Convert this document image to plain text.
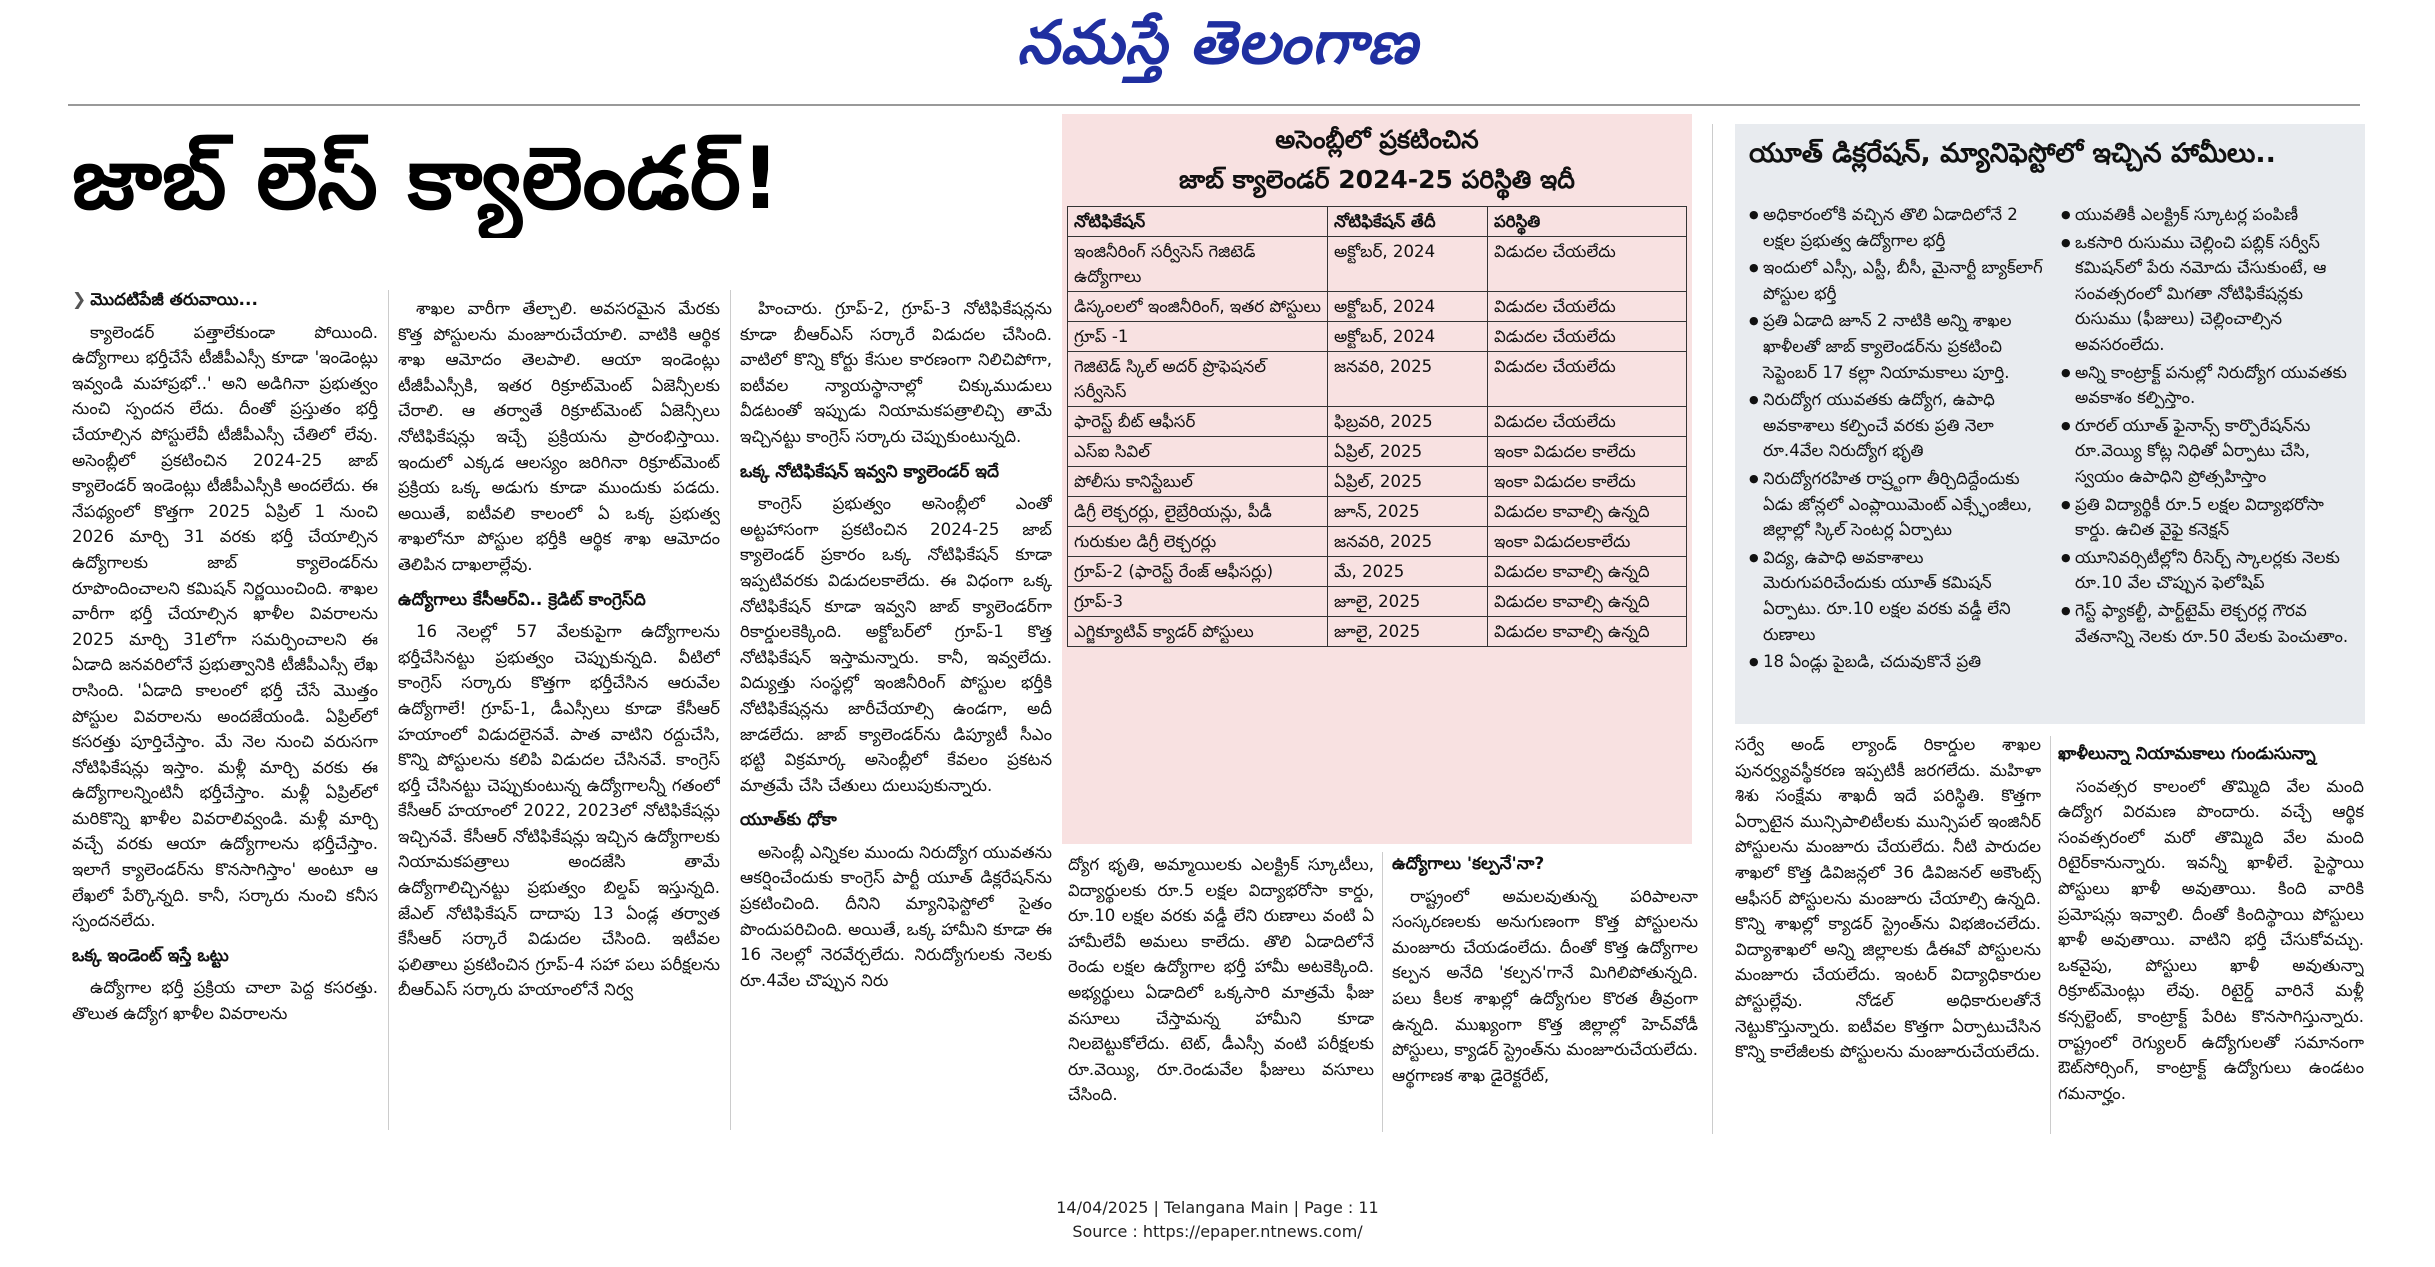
నమస్తే తెలంగాణ
జాబ్ లెస్ క్యాలెండర్!
❯ మొదటిపేజీ తరువాయి...

క్యాలెండర్ పత్తాలేకుండా పోయింది. ఉద్యోగాలు భర్తీచేసే టీజీపీఎస్సీ కూడా 'ఇండెంట్లు ఇవ్వండి మహాప్రభో..' అని అడిగినా ప్రభుత్వం నుంచి స్పందన లేదు. దీంతో ప్రస్తుతం భర్తీ చేయాల్సిన పోస్టులేవీ టీజీపీఎస్సీ చేతిలో లేవు. అసెంబ్లీలో ప్రకటించిన 2024-25 జాబ్ క్యాలెండర్ ఇండెంట్లు టీజీపీఎస్సీకి అందలేదు. ఈ నేపథ్యంలో కొత్తగా 2025 ఏప్రిల్ 1 నుంచి 2026 మార్చి 31 వరకు భర్తీ చేయాల్సిన ఉద్యోగాలకు జాబ్ క్యాలెండర్‌ను రూపొందించాలని కమిషన్ నిర్ణయించింది. శాఖల వారీగా భర్తీ చేయాల్సిన ఖాళీల వివరాలను 2025 మార్చి 31లోగా సమర్పించాలని ఈ ఏడాది జనవరిలోనే ప్రభుత్వానికి టీజీపీఎస్సీ లేఖ రాసింది. 'ఏడాది కాలంలో భర్తీ చేసే మొత్తం పోస్టుల వివరాలను అందజేయండి. ఏప్రిల్‌లో కసరత్తు పూర్తిచేస్తాం. మే నెల నుంచి వరుసగా నోటిఫికేషన్లు ఇస్తాం. మళ్లీ మార్చి వరకు ఈ ఉద్యోగాలన్నింటినీ భర్తీచేస్తాం. మళ్లీ ఏప్రిల్‌లో మరికొన్ని ఖాళీల వివరాలివ్వండి. మళ్లీ మార్చి వచ్చే వరకు ఆయా ఉద్యోగాలను భర్తీచేస్తాం. ఇలాగే క్యాలెండర్‌ను కొనసాగిస్తాం' అంటూ ఆ లేఖలో పేర్కొన్నది. కానీ, సర్కారు నుంచి కనీస స్పందనలేదు.

ఒక్క ఇండెంట్ ఇస్తే ఒట్టు

ఉద్యోగాల భర్తీ ప్రక్రియ చాలా పెద్ద కసరత్తు. తొలుత ఉద్యోగ ఖాళీల వివరాలను

శాఖల వారీగా తేల్చాలి. అవసరమైన మేరకు కొత్త పోస్టులను మంజూరుచేయాలి. వాటికి ఆర్థిక శాఖ ఆమోదం తెలపాలి. ఆయా ఇండెంట్లు టీజీపీఎస్సీకి, ఇతర రిక్రూట్‌మెంట్ ఏజెన్సీలకు చేరాలి. ఆ తర్వాతే రిక్రూట్‌మెంట్ ఏజెన్సీలు నోటిఫికేషన్లు ఇచ్చే ప్రక్రియను ప్రారంభిస్తాయి. ఇందులో ఎక్కడ ఆలస్యం జరిగినా రిక్రూట్‌మెంట్ ప్రక్రియ ఒక్క అడుగు కూడా ముందుకు పడదు. అయితే, ఐటీవలి కాలంలో ఏ ఒక్క ప్రభుత్వ శాఖలోనూ పోస్టుల భర్తీకి ఆర్థిక శాఖ ఆమోదం తెలిపిన దాఖలాల్లేవు.

ఉద్యోగాలు కేసీఆర్‌వి.. క్రెడిట్ కాంగ్రెస్‌ది

16 నెలల్లో 57 వేలకుపైగా ఉద్యోగాలను భర్తీచేసినట్టు ప్రభుత్వం చెప్పుకున్నది. వీటిలో కాంగ్రెస్ సర్కారు కొత్తగా భర్తీచేసిన ఆరువేల ఉద్యోగాలే! గ్రూప్-1, డీఎస్సీలు కూడా కేసీఆర్ హయాంలో విడుదలైనవే. పాత వాటిని రద్దుచేసి, కొన్ని పోస్టులను కలిపి విడుదల చేసినవే. కాంగ్రెస్ భర్తీ చేసినట్టు చెప్పుకుంటున్న ఉద్యోగాలన్నీ గతంలో కేసీఆర్ హయాంలో 2022, 2023లో నోటిఫికేషన్లు ఇచ్చినవే. కేసీఆర్ నోటిఫికేషన్లు ఇచ్చిన ఉద్యోగాలకు నియామకపత్రాలు అందజేసి తామే ఉద్యోగాలిచ్చినట్టు ప్రభుత్వం బిల్డప్ ఇస్తున్నది. జేఎల్ నోటిఫికేషన్ దాదాపు 13 ఏండ్ల తర్వాత కేసీఆర్ సర్కారే విడుదల చేసింది. ఇటీవల ఫలితాలు ప్రకటించిన గ్రూప్-4 సహా పలు పరీక్షలను బీఆర్‌ఎస్ సర్కారు హయాంలోనే నిర్వ

హించారు. గ్రూప్-2, గ్రూప్-3 నోటిఫికేషన్లను కూడా బీఆర్‌ఎస్ సర్కారే విడుదల చేసింది. వాటిలో కొన్ని కోర్టు కేసుల కారణంగా నిలిచిపోగా, ఐటీవల న్యాయస్థానాల్లో చిక్కుముడులు వీడటంతో ఇప్పుడు నియామకపత్రాలిచ్చి తామే ఇచ్చినట్టు కాంగ్రెస్ సర్కారు చెప్పుకుంటున్నది.

ఒక్క నోటిఫికేషన్ ఇవ్వని క్యాలెండర్ ఇదే

కాంగ్రెస్ ప్రభుత్వం అసెంబ్లీలో ఎంతో అట్టహాసంగా ప్రకటించిన 2024-25 జాబ్ క్యాలెండర్ ప్రకారం ఒక్క నోటిఫికేషన్ కూడా ఇప్పటివరకు విడుదలకాలేదు. ఈ విధంగా ఒక్క నోటిఫికేషన్ కూడా ఇవ్వని జాబ్ క్యాలెండర్‌గా రికార్డులకెక్కింది. అక్టోబర్‌లో గ్రూప్-1 కొత్త నోటిఫికేషన్ ఇస్తామన్నారు. కానీ, ఇవ్వలేదు. విద్యుత్తు సంస్థల్లో ఇంజినీరింగ్ పోస్టుల భర్తీకి నోటిఫికేషన్లను జారీచేయాల్సి ఉండగా, అదీ జాడలేదు. జాబ్ క్యాలెండర్‌ను డిప్యూటీ సీఎం భట్టి విక్రమార్క అసెంబ్లీలో కేవలం ప్రకటన మాత్రమే చేసి చేతులు దులుపుకున్నారు.

యూత్‌కు ధోకా

అసెంబ్లీ ఎన్నికల ముందు నిరుద్యోగ యువతను ఆకర్షించేందుకు కాంగ్రెస్ పార్టీ యూత్ డిక్లరేషన్‌ను ప్రకటించింది. దీనిని మ్యానిఫెస్టోలో సైతం పొందుపరిచింది. అయితే, ఒక్క హామీని కూడా ఈ 16 నెలల్లో నెరవేర్చలేదు. నిరుద్యోగులకు నెలకు రూ.4వేల చొప్పున నిరు

అసెంబ్లీలో ప్రకటించిన
జాబ్ క్యాలెండర్ 2024-25 పరిస్థితి ఇదీ
నోటిఫికేషన్	నోటిఫికేషన్ తేదీ	పరిస్థితి
ఇంజినీరింగ్ సర్వీసెస్ గెజిటెడ్ ఉద్యోగాలు	అక్టోబర్, 2024	విడుదల చేయలేదు
డిస్కంలలో ఇంజినీరింగ్, ఇతర పోస్టులు	అక్టోబర్, 2024	విడుదల చేయలేదు
గ్రూప్ -1	అక్టోబర్, 2024	విడుదల చేయలేదు
గెజిటెడ్ స్కిల్ అదర్ ప్రొఫెషనల్ సర్వీసెస్	జనవరి, 2025	విడుదల చేయలేదు
ఫారెస్ట్ బీట్ ఆఫీసర్	ఫిబ్రవరి, 2025	విడుదల చేయలేదు
ఎస్ఐ సివిల్	ఏప్రిల్, 2025	ఇంకా విడుదల కాలేదు
పోలీసు కానిస్టేబుల్	ఏప్రిల్, 2025	ఇంకా విడుదల కాలేదు
డిగ్రీ లెక్చరర్లు, లైబ్రేరియన్లు, పీడీ	జూన్, 2025	విడుదల కావాల్సి ఉన్నది
గురుకుల డిగ్రీ లెక్చరర్లు	జనవరి, 2025	ఇంకా విడుదలకాలేదు
గ్రూప్-2 (ఫారెస్ట్ రేంజ్ ఆఫీసర్లు)	మే, 2025	విడుదల కావాల్సి ఉన్నది
గ్రూప్-3	జూలై, 2025	విడుదల కావాల్సి ఉన్నది
ఎగ్జిక్యూటివ్ క్యాడర్ పోస్టులు	జూలై, 2025	విడుదల కావాల్సి ఉన్నది

ద్యోగ భృతి, అమ్మాయిలకు ఎలక్ట్రిక్ స్కూటీలు, విద్యార్థులకు రూ.5 లక్షల విద్యాభరోసా కార్డు, రూ.10 లక్షల వరకు వడ్డీ లేని రుణాలు వంటి ఏ హామీలేవీ అమలు కాలేదు. తొలి ఏడాదిలోనే రెండు లక్షల ఉద్యోగాల భర్తీ హామీ అటకెక్కింది. అభ్యర్థులు ఏడాదిలో ఒక్కసారి మాత్రమే ఫీజు వసూలు చేస్తామన్న హామీని కూడా నిలబెట్టుకోలేదు. టెట్, డీఎస్సీ వంటి పరీక్షలకు రూ.వెయ్యి, రూ.రెండువేల ఫీజులు వసూలు చేసింది.

ఉద్యోగాలు 'కల్పనే'నా?

రాష్ట్రంలో అమలవుతున్న పరిపాలనా సంస్కరణలకు అనుగుణంగా కొత్త పోస్టులను మంజూరు చేయడంలేదు. దీంతో కొత్త ఉద్యోగాల కల్పన అనేది 'కల్పన'గానే మిగిలిపోతున్నది. పలు కీలక శాఖల్లో ఉద్యోగుల కొరత తీవ్రంగా ఉన్నది. ముఖ్యంగా కొత్త జిల్లాల్లో హెచ్‌వోడీ పోస్టులు, క్యాడర్ స్ట్రెంత్‌ను మంజూరుచేయలేదు. ఆర్థగాణక శాఖ డైరెక్టరేట్,

యూత్ డిక్లరేషన్, మ్యానిఫెస్టోలో ఇచ్చిన హామీలు..
● అధికారంలోకి వచ్చిన తొలి ఏడాదిలోనే 2 లక్షల ప్రభుత్వ ఉద్యోగాల భర్తీ
● ఇందులో ఎస్సీ, ఎస్టీ, బీసీ, మైనార్టీ బ్యాక్‌లాగ్ పోస్టుల భర్తీ
● ప్రతి ఏడాది జూన్ 2 నాటికి అన్ని శాఖల ఖాళీలతో జాబ్ క్యాలెండర్‌ను ప్రకటించి సెప్టెంబర్ 17 కల్లా నియామకాలు పూర్తి.
● నిరుద్యోగ యువతకు ఉద్యోగ, ఉపాధి అవకాశాలు కల్పించే వరకు ప్రతి నెలా రూ.4వేల నిరుద్యోగ భృతి
● నిరుద్యోగరహిత రాష్ర్టంగా తీర్చిదిద్దేందుకు ఏడు జోన్లలో ఎంప్లాయిమెంట్ ఎక్స్ఛేంజీలు, జిల్లాల్లో స్కిల్ సెంటర్ల ఏర్పాటు
● విద్య, ఉపాధి అవకాశాలు మెరుగుపరిచేందుకు యూత్ కమిషన్ ఏర్పాటు. రూ.10 లక్షల వరకు వడ్డీ లేని రుణాలు
● 18 ఏండ్లు పైబడి, చదువుకొనే ప్రతి
● యువతికీ ఎలక్ట్రిక్ స్కూటర్ల పంపిణీ
● ఒకసారి రుసుము చెల్లించి పబ్లిక్ సర్వీస్ కమిషన్‌లో పేరు నమోదు చేసుకుంటే, ఆ సంవత్సరంలో మిగతా నోటిఫికేషన్లకు రుసుము (ఫీజులు) చెల్లించాల్సిన అవసరంలేదు.
● అన్ని కాంట్రాక్ట్ పనుల్లో నిరుద్యోగ యువతకు అవకాశం కల్పిస్తాం.
● రూరల్ యూత్ ఫైనాన్స్ కార్పొరేషన్‌ను రూ.వెయ్యి కోట్ల నిధితో ఏర్పాటు చేసి, స్వయం ఉపాధిని ప్రోత్సహిస్తాం
● ప్రతి విద్యార్థికీ రూ.5 లక్షల విద్యాభరోసా కార్డు. ఉచిత వైఫై కనెక్షన్
● యూనివర్సిటీల్లోని రీసెర్చ్ స్కాలర్లకు నెలకు రూ.10 వేల చొప్పున ఫెలోషిప్
● గెస్ట్ ఫ్యాకల్టీ, పార్ట్‌టైమ్ లెక్చరర్ల గౌరవ వేతనాన్ని నెలకు రూ.50 వేలకు పెంచుతాం.

సర్వే అండ్ ల్యాండ్ రికార్డుల శాఖల పునర్వ్యవస్థీకరణ ఇప్పటికీ జరగలేదు. మహిళా శిశు సంక్షేమ శాఖదీ ఇదే పరిస్థితి. కొత్తగా ఏర్పాటైన మున్సిపాలిటీలకు మున్సిపల్ ఇంజినీర్ పోస్టులను మంజూరు చేయలేదు. నీటి పారుదల శాఖలో కొత్త డివిజన్లలో 36 డివిజనల్ అకౌంట్స్ ఆఫీసర్ పోస్టులను మంజూరు చేయాల్సి ఉన్నది. కొన్ని శాఖల్లో క్యాడర్ స్ట్రెంత్‌ను విభజించలేదు. విద్యాశాఖలో అన్ని జిల్లాలకు డీఈవో పోస్టులను మంజూరు చేయలేదు. ఇంటర్ విద్యాధికారుల పోస్టుల్లేవు. నోడల్ అధికారులతోనే నెట్టుకొస్తున్నారు. ఐటీవల కొత్తగా ఏర్పాటుచేసిన కొన్ని కాలేజీలకు పోస్టులను మంజూరుచేయలేదు.

ఖాళీలున్నా నియామకాలు గుండుసున్నా

సంవత్సర కాలంలో తొమ్మిది వేల మంది ఉద్యోగ విరమణ పొందారు. వచ్చే ఆర్థిక సంవత్సరంలో మరో తొమ్మిది వేల మంది రిటైర్‌కానున్నారు. ఇవన్నీ ఖాళీలే. పైస్థాయి పోస్టులు ఖాళీ అవుతాయి. కింది వారికి ప్రమోషన్లు ఇవ్వాలి. దీంతో కిందిస్థాయి పోస్టులు ఖాళీ అవుతాయి. వాటిని భర్తీ చేసుకోవచ్చు. ఒకవైపు, పోస్టులు ఖాళీ అవుతున్నా రిక్రూట్‌మెంట్లు లేవు. రిటైర్డ్ వారినే మళ్లీ కన్సల్టెంట్, కాంట్రాక్ట్ పేరిట కొనసాగిస్తున్నారు. రాష్ట్రంలో రెగ్యులర్ ఉద్యోగులతో సమానంగా ఔట్‌సోర్సింగ్, కాంట్రాక్ట్ ఉద్యోగులు ఉండటం గమనార్హం.

14/04/2025 | Telangana Main | Page : 11
Source : https://epaper.ntnews.com/
